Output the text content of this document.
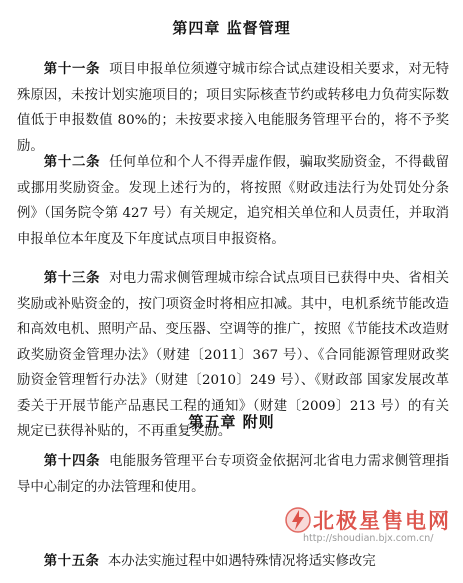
第四章 监督管理

第十一条 项目申报单位须遵守城市综合试点建设相关要求，对无特殊原因，未按计划实施项目的；项目实际核查节约或转移电力负荷实际数值低于申报数值 80%的；未按要求接入电能服务管理平台的，将不予奖励。

第十二条 任何单位和个人不得弄虚作假，骗取奖励资金，不得截留或挪用奖励资金。发现上述行为的，将按照《财政违法行为处罚处分条例》（国务院令第 427 号）有关规定，追究相关单位和人员责任，并取消申报单位本年度及下年度试点项目申报资格。

第十三条 对电力需求侧管理城市综合试点项目已获得中央、省相关奖励或补贴资金的，按门项资金时将相应扣减。其中，电机系统节能改造和高效电机、照明产品、变压器、空调等的推广，按照《节能技术改造财政奖励资金管理办法》（财建〔2011〕367 号）、《合同能源管理财政奖励资金管理暂行办法》（财建〔2010〕249 号）、《财政部 国家发展改革委关于开展节能产品惠民工程的通知》（财建〔2009〕213 号）的有关规定已获得补贴的，不再重复奖励。

第五章 附则

第十四条 电能服务管理平台专项资金依据河北省电力需求侧管理指导中心制定的办法管理和使用。

第十五条 本办法实施过程中如遇特殊情况将适实修改完

北极星售电网
http://shoudian.bjx.com.cn/
